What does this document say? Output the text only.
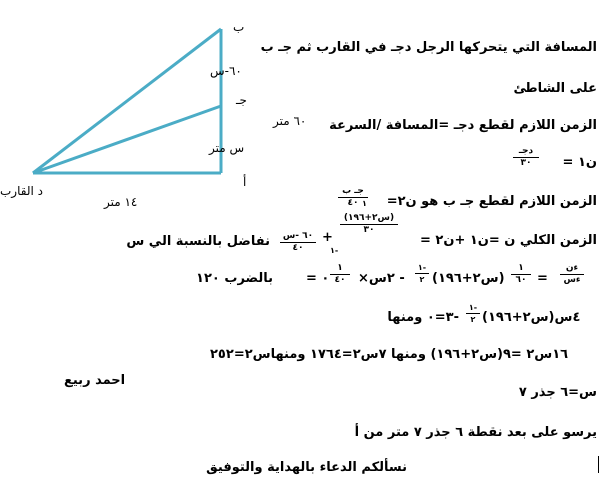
ب
٦٠-س
جـ
٦٠ متر
س متر
أ
د القارب
١٤ متر
المسافة التي يتحركها الرجل دجـ في القارب ثم جـ ب
على الشاطئ
الزمن اللازم لقطع دجـ =المسافة /السرعة
ن١ =
دجـ
٣٠
الزمن اللازم لقطع جـ ب هو ن٢=
جـ ب
٤٠
الزمن الكلي ن =ن١ +ن٢ =
١
(س٢+١٩٦)
٣٠
١-
+
٦٠ -س
٤٠
نفاضل بالنسبة الي س
ءن
ءس
=
١
٦٠
(س٢+١٩٦)
×٢س -
١-
٢
١
٤٠
= ٠
بالضرب ١٢٠
٤س(س٢+١٩٦)
١-
٢
-٣=٠ ومنها
١٦س٢ =٩(س٢+١٩٦) ومنها ٧س٢=١٧٦٤ ومنهاس٢=٢٥٢
احمد ربيع
س=٦ جذر ٧
يرسو على بعد نقطة ٦ جذر ٧ متر من أ
نسألكم الدعاء بالهداية والتوفيق
